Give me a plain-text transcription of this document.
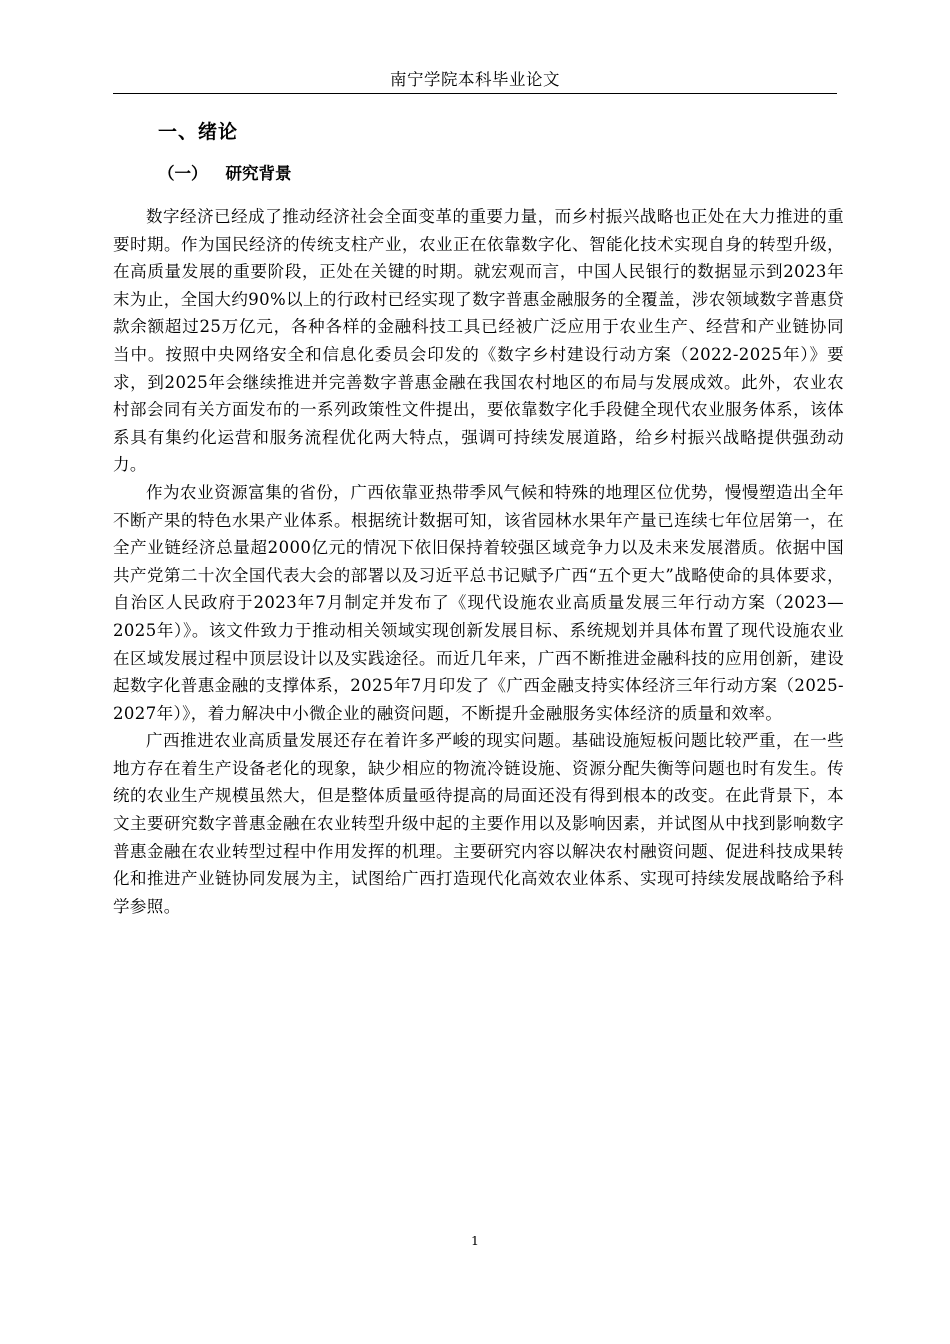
南宁学院本科毕业论文
一、绪论
（一） 研究背景

数字经济已经成了推动经济社会全面变革的重要力量，而乡村振兴战略也正处在大力推进的重要时期。作为国民经济的传统支柱产业，农业正在依靠数字化、智能化技术实现自身的转型升级，在高质量发展的重要阶段，正处在关键的时期。就宏观而言，中国人民银行的数据显示到2023年末为止，全国大约90%以上的行政村已经实现了数字普惠金融服务的全覆盖，涉农领域数字普惠贷款余额超过25万亿元，各种各样的金融科技工具已经被广泛应用于农业生产、经营和产业链协同当中。按照中央网络安全和信息化委员会印发的《数字乡村建设行动方案（2022-2025年）》要求，到2025年会继续推进并完善数字普惠金融在我国农村地区的布局与发展成效。此外，农业农村部会同有关方面发布的一系列政策性文件提出，要依靠数字化手段健全现代农业服务体系，该体系具有集约化运营和服务流程优化两大特点，强调可持续发展道路，给乡村振兴战略提供强劲动力。

作为农业资源富集的省份，广西依靠亚热带季风气候和特殊的地理区位优势，慢慢塑造出全年不断产果的特色水果产业体系。根据统计数据可知，该省园林水果年产量已连续七年位居第一，在全产业链经济总量超2000亿元的情况下依旧保持着较强区域竞争力以及未来发展潜质。依据中国共产党第二十次全国代表大会的部署以及习近平总书记赋予广西“五个更大”战略使命的具体要求，自治区人民政府于2023年7月制定并发布了《现代设施农业高质量发展三年行动方案（2023—2025年）》。该文件致力于推动相关领域实现创新发展目标、系统规划并具体布置了现代设施农业在区域发展过程中顶层设计以及实践途径。而近几年来，广西不断推进金融科技的应用创新，建设起数字化普惠金融的支撑体系，2025年7月印发了《广西金融支持实体经济三年行动方案（2025-2027年）》，着力解决中小微企业的融资问题，不断提升金融服务实体经济的质量和效率。

广西推进农业高质量发展还存在着许多严峻的现实问题。基础设施短板问题比较严重，在一些地方存在着生产设备老化的现象，缺少相应的物流冷链设施、资源分配失衡等问题也时有发生。传统的农业生产规模虽然大，但是整体质量亟待提高的局面还没有得到根本的改变。在此背景下，本文主要研究数字普惠金融在农业转型升级中起的主要作用以及影响因素，并试图从中找到影响数字普惠金融在农业转型过程中作用发挥的机理。主要研究内容以解决农村融资问题、促进科技成果转化和推进产业链协同发展为主，试图给广西打造现代化高效农业体系、实现可持续发展战略给予科学参照。

1
